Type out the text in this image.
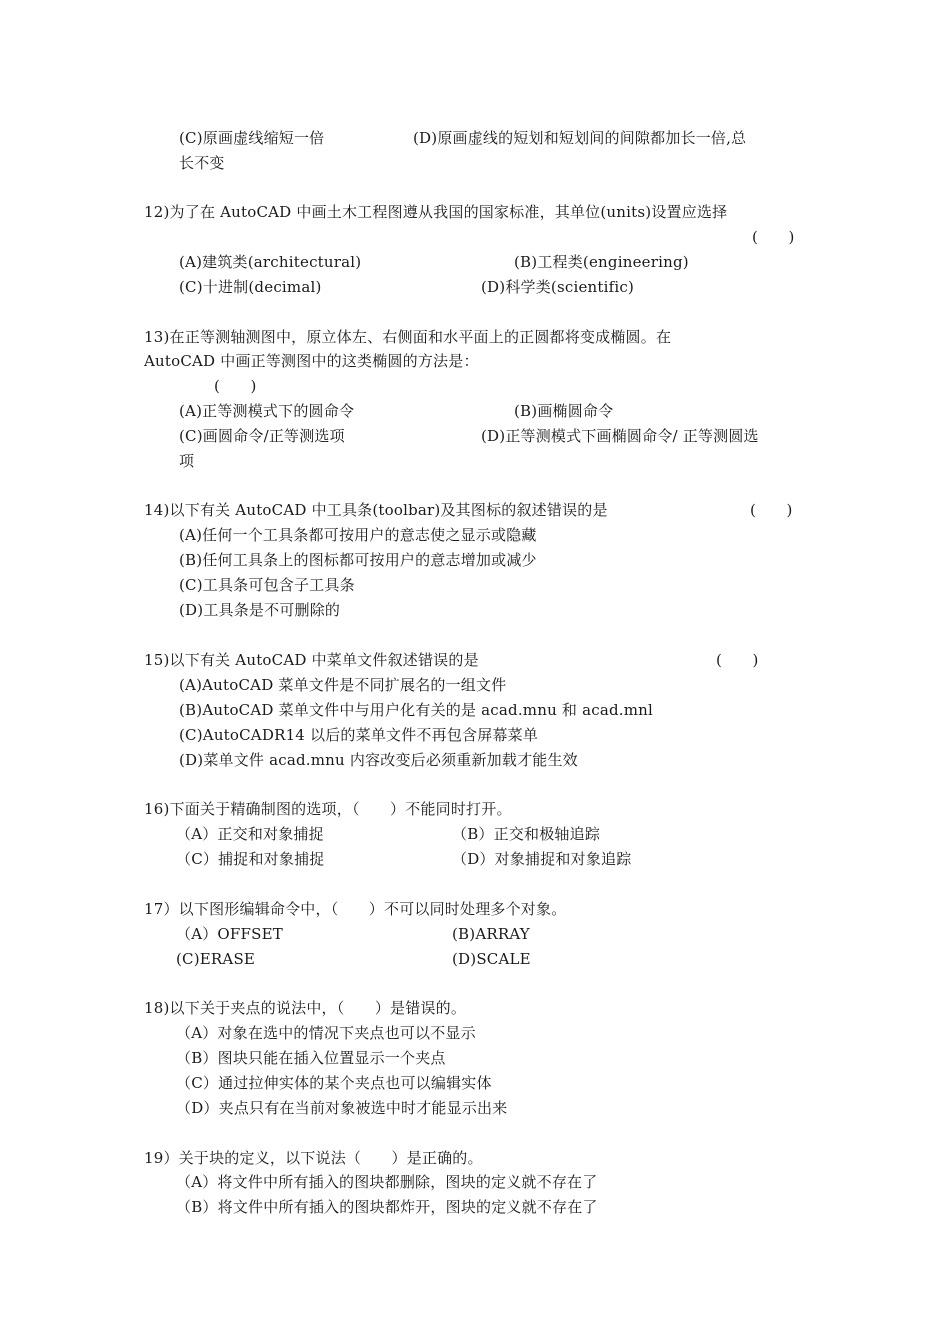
(C)原画虚线缩短一倍	(D)原画虚线的短划和短划间的间隙都加长一倍,总
长不变
12)为了在 AutoCAD 中画土木工程图遵从我国的国家标准，其单位(units)设置应选择
(　　)
(A)建筑类(architectural)	(B)工程类(engineering)
(C)十进制(decimal)	(D)科学类(scientific)
13)在正等测轴测图中，原立体左、右侧面和水平面上的正圆都将变成椭圆。在
AutoCAD 中画正等测图中的这类椭圆的方法是：
(　　)
(A)正等测模式下的圆命令	(B)画椭圆命令
(C)画圆命令/正等测选项	(D)正等测模式下画椭圆命令/ 正等测圆选
项
14)以下有关 AutoCAD 中工具条(toolbar)及其图标的叙述错误的是	(　　)
(A)任何一个工具条都可按用户的意志使之显示或隐藏
(B)任何工具条上的图标都可按用户的意志增加或减少
(C)工具条可包含子工具条
(D)工具条是不可删除的
15)以下有关 AutoCAD 中菜单文件叙述错误的是	(　　)
(A)AutoCAD 菜单文件是不同扩展名的一组文件
(B)AutoCAD 菜单文件中与用户化有关的是 acad.mnu 和 acad.mnl
(C)AutoCADR14 以后的菜单文件不再包含屏幕菜单
(D)菜单文件 acad.mnu 内容改变后必须重新加载才能生效
16)下面关于精确制图的选项，（　　）不能同时打开。
（A）正交和对象捕捉	（B）正交和极轴追踪
（C）捕捉和对象捕捉	（D）对象捕捉和对象追踪
17）以下图形编辑命令中，（　　）不可以同时处理多个对象。
（A）OFFSET	(B)ARRAY
(C)ERASE	(D)SCALE
18)以下关于夹点的说法中，（　　）是错误的。
（A）对象在选中的情况下夹点也可以不显示
（B）图块只能在插入位置显示一个夹点
（C）通过拉伸实体的某个夹点也可以编辑实体
（D）夹点只有在当前对象被选中时才能显示出来
19）关于块的定义，以下说法（　　）是正确的。
（A）将文件中所有插入的图块都删除，图块的定义就不存在了
（B）将文件中所有插入的图块都炸开，图块的定义就不存在了
